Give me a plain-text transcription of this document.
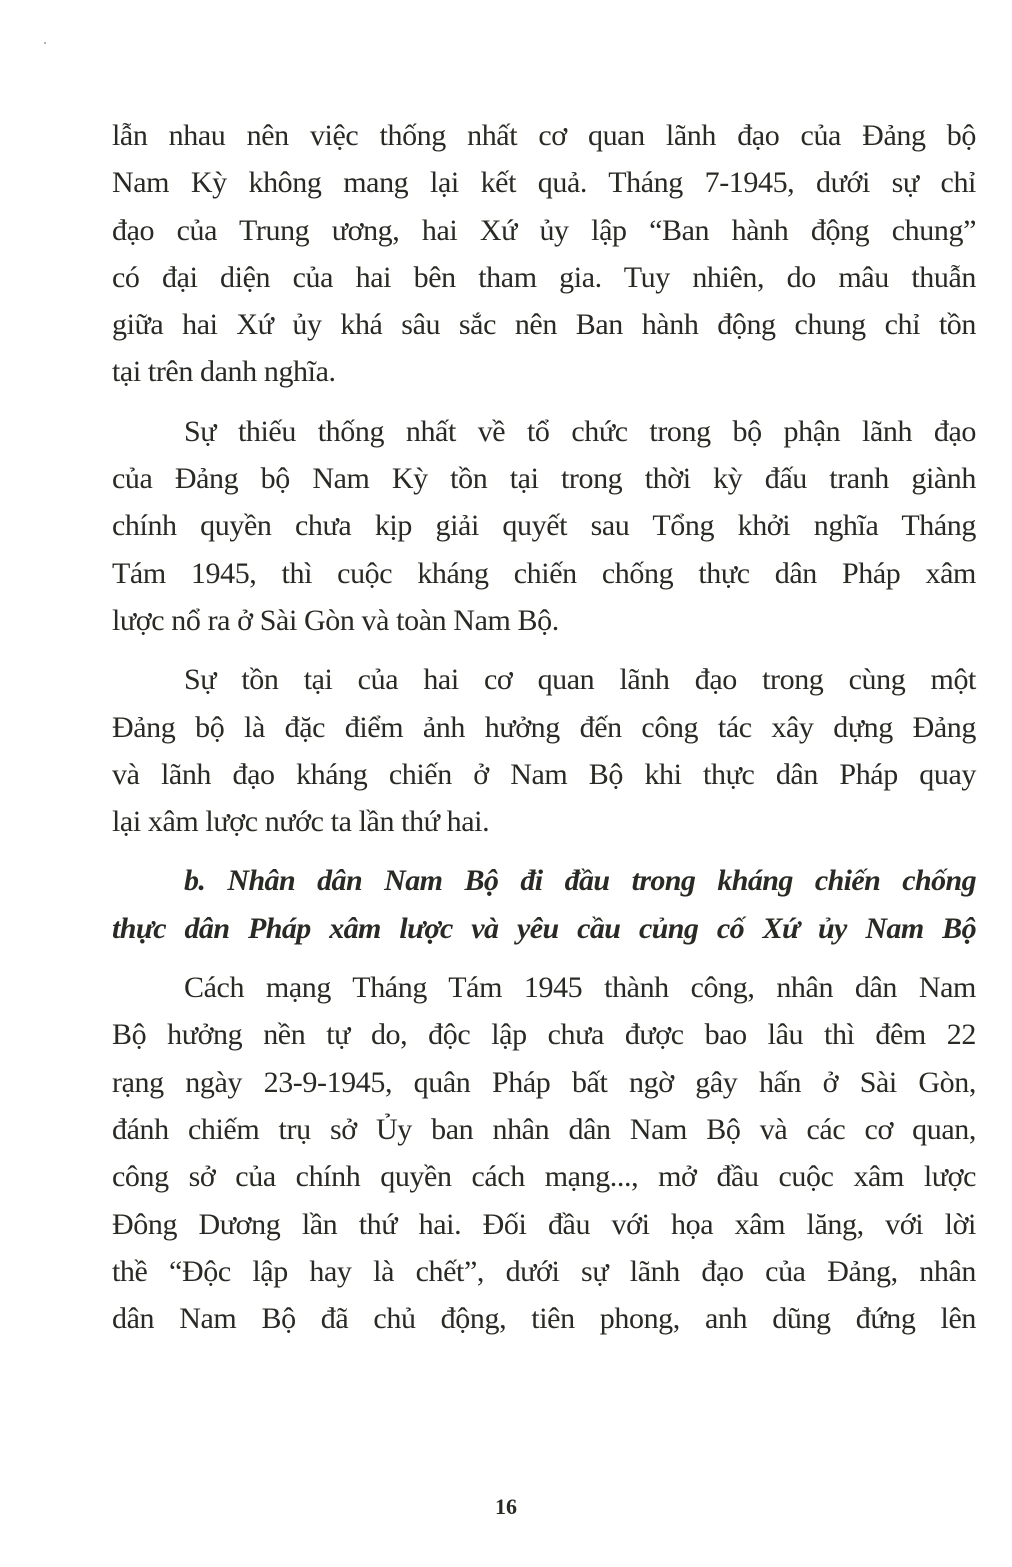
lẫn nhau nên việc thống nhất cơ quan lãnh đạo của Đảng bộ
Nam Kỳ không mang lại kết quả. Tháng 7-1945, dưới sự chỉ
đạo của Trung ương, hai Xứ ủy lập “Ban hành động chung”
có đại diện của hai bên tham gia. Tuy nhiên, do mâu thuẫn
giữa hai Xứ ủy khá sâu sắc nên Ban hành động chung chỉ tồn
tại trên danh nghĩa.
Sự thiếu thống nhất về tổ chức trong bộ phận lãnh đạo
của Đảng bộ Nam Kỳ tồn tại trong thời kỳ đấu tranh giành
chính quyền chưa kịp giải quyết sau Tổng khởi nghĩa Tháng
Tám 1945, thì cuộc kháng chiến chống thực dân Pháp xâm
lược nổ ra ở Sài Gòn và toàn Nam Bộ.
Sự tồn tại của hai cơ quan lãnh đạo trong cùng một
Đảng bộ là đặc điểm ảnh hưởng đến công tác xây dựng Đảng
và lãnh đạo kháng chiến ở Nam Bộ khi thực dân Pháp quay
lại xâm lược nước ta lần thứ hai.
b. Nhân dân Nam Bộ đi đầu trong kháng chiến chống
thực dân Pháp xâm lược và yêu cầu củng cố Xứ ủy Nam Bộ
Cách mạng Tháng Tám 1945 thành công, nhân dân Nam
Bộ hưởng nền tự do, độc lập chưa được bao lâu thì đêm 22
rạng ngày 23-9-1945, quân Pháp bất ngờ gây hấn ở Sài Gòn,
đánh chiếm trụ sở Ủy ban nhân dân Nam Bộ và các cơ quan,
công sở của chính quyền cách mạng..., mở đầu cuộc xâm lược
Đông Dương lần thứ hai. Đối đầu với họa xâm lăng, với lời
thề “Độc lập hay là chết”, dưới sự lãnh đạo của Đảng, nhân
dân Nam Bộ đã chủ động, tiên phong, anh dũng đứng lên
16
